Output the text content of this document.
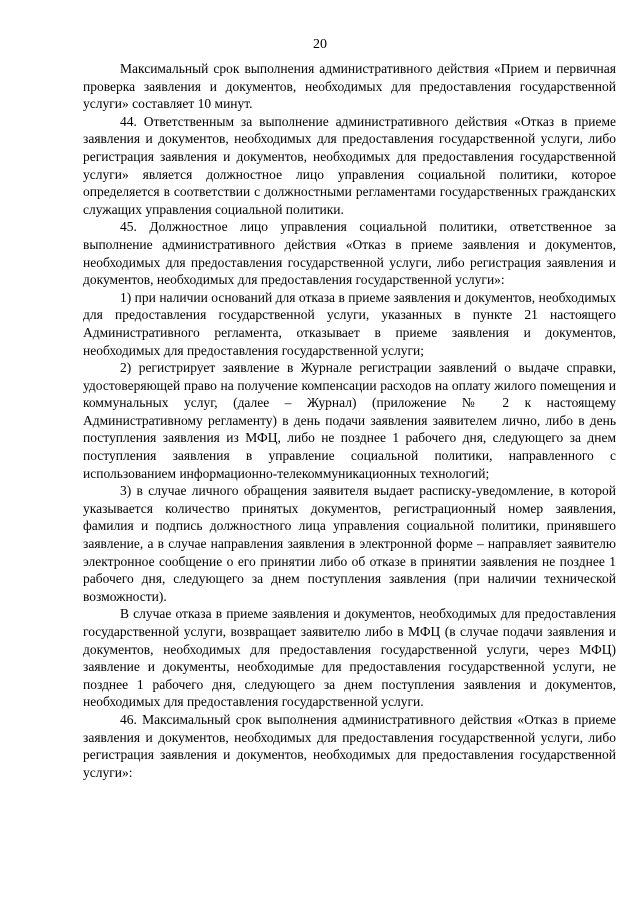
20

Максимальный срок выполнения административного действия «Прием и первичная проверка заявления и документов, необходимых для предоставления государственной услуги» составляет 10 минут.

44. Ответственным за выполнение административного действия «Отказ в приеме заявления и документов, необходимых для предоставления государственной услуги, либо регистрация заявления и документов, необходимых для предоставления государственной услуги» является должностное лицо управления социальной политики, которое определяется в соответствии с должностными регламентами государственных гражданских служащих управления социальной политики.

45. Должностное лицо управления социальной политики, ответственное за выполнение административного действия «Отказ в приеме заявления и документов, необходимых для предоставления государственной услуги, либо регистрация заявления и документов, необходимых для предоставления государственной услуги»:

1) при наличии оснований для отказа в приеме заявления и документов, необходимых для предоставления государственной услуги, указанных в пункте 21 настоящего Административного регламента, отказывает в приеме заявления и документов, необходимых для предоставления государственной услуги;

2) регистрирует заявление в Журнале регистрации заявлений о выдаче справки, удостоверяющей право на получение компенсации расходов на оплату жилого помещения и коммунальных услуг, (далее – Журнал) (приложение № 2 к настоящему Административному регламенту) в день подачи заявления заявителем лично, либо в день поступления заявления из МФЦ, либо не позднее 1 рабочего дня, следующего за днем поступления заявления в управление социальной политики, направленного с использованием информационно-телекоммуникационных технологий;

3) в случае личного обращения заявителя выдает расписку-уведомление, в которой указывается количество принятых документов, регистрационный номер заявления, фамилия и подпись должностного лица управления социальной политики, принявшего заявление, а в случае направления заявления в электронной форме – направляет заявителю электронное сообщение о его принятии либо об отказе в принятии заявления не позднее 1 рабочего дня, следующего за днем поступления заявления (при наличии технической возможности).

В случае отказа в приеме заявления и документов, необходимых для предоставления государственной услуги, возвращает заявителю либо в МФЦ (в случае подачи заявления и документов, необходимых для предоставления государственной услуги, через МФЦ) заявление и документы, необходимые для предоставления государственной услуги, не позднее 1 рабочего дня, следующего за днем поступления заявления и документов, необходимых для предоставления государственной услуги.

46. Максимальный срок выполнения административного действия «Отказ в приеме заявления и документов, необходимых для предоставления государственной услуги, либо регистрация заявления и документов, необходимых для предоставления государственной услуги»:
